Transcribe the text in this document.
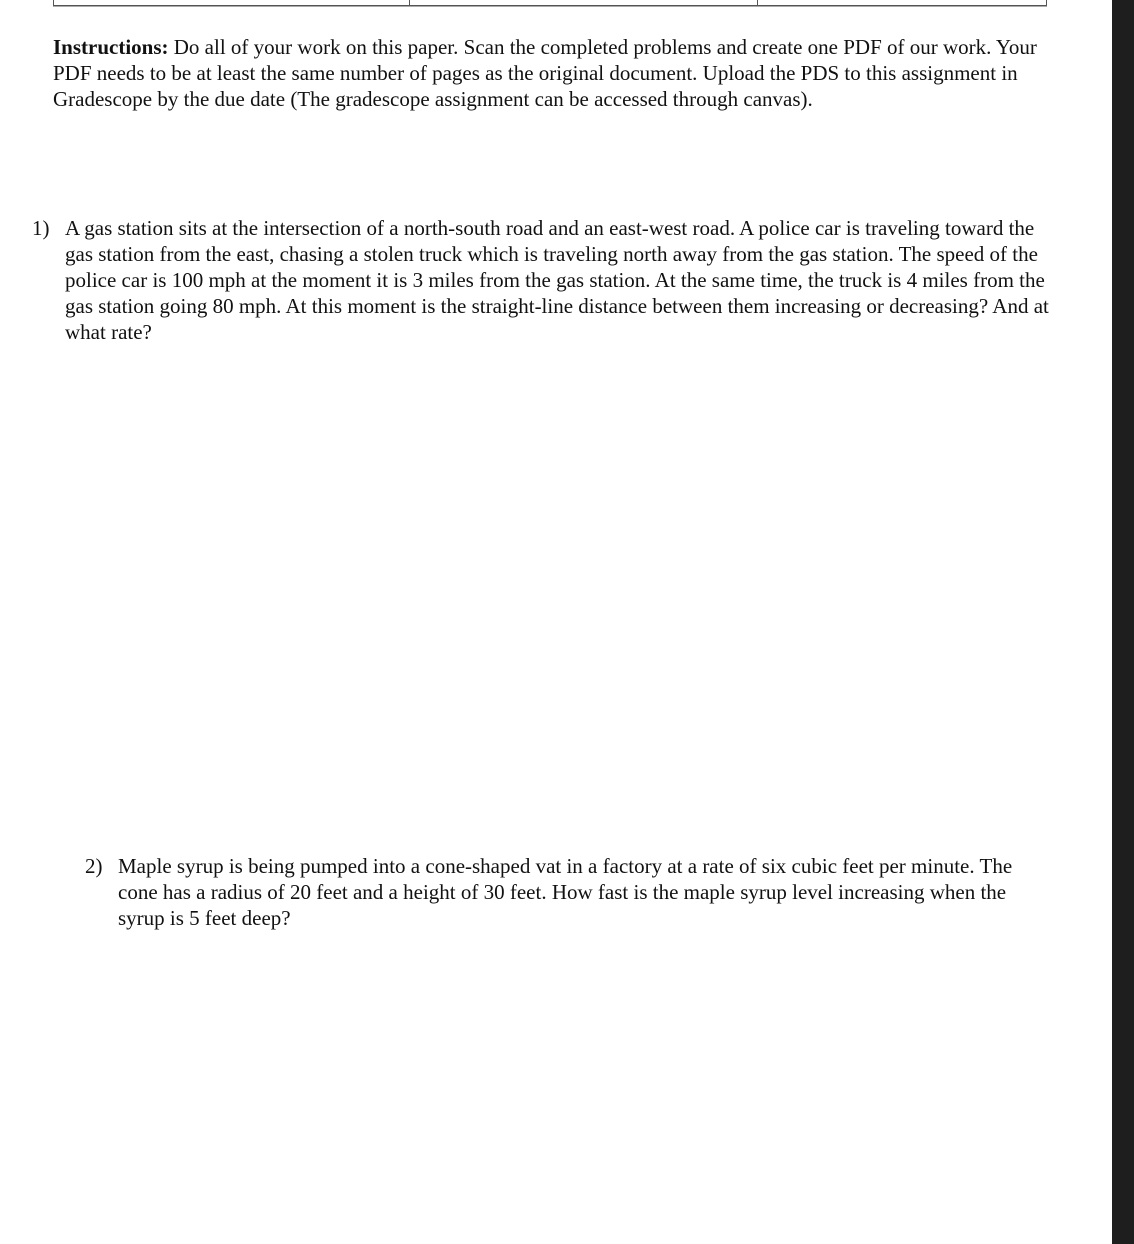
Instructions: Do all of your work on this paper. Scan the completed problems and create one PDF of our work. Your PDF needs to be at least the same number of pages as the original document. Upload the PDS to this assignment in Gradescope by the due date (The gradescope assignment can be accessed through canvas).
1) A gas station sits at the intersection of a north-south road and an east-west road. A police car is traveling toward the gas station from the east, chasing a stolen truck which is traveling north away from the gas station. The speed of the police car is 100 mph at the moment it is 3 miles from the gas station. At the same time, the truck is 4 miles from the gas station going 80 mph. At this moment is the straight-line distance between them increasing or decreasing? And at what rate?
2) Maple syrup is being pumped into a cone-shaped vat in a factory at a rate of six cubic feet per minute. The cone has a radius of 20 feet and a height of 30 feet. How fast is the maple syrup level increasing when the syrup is 5 feet deep?
